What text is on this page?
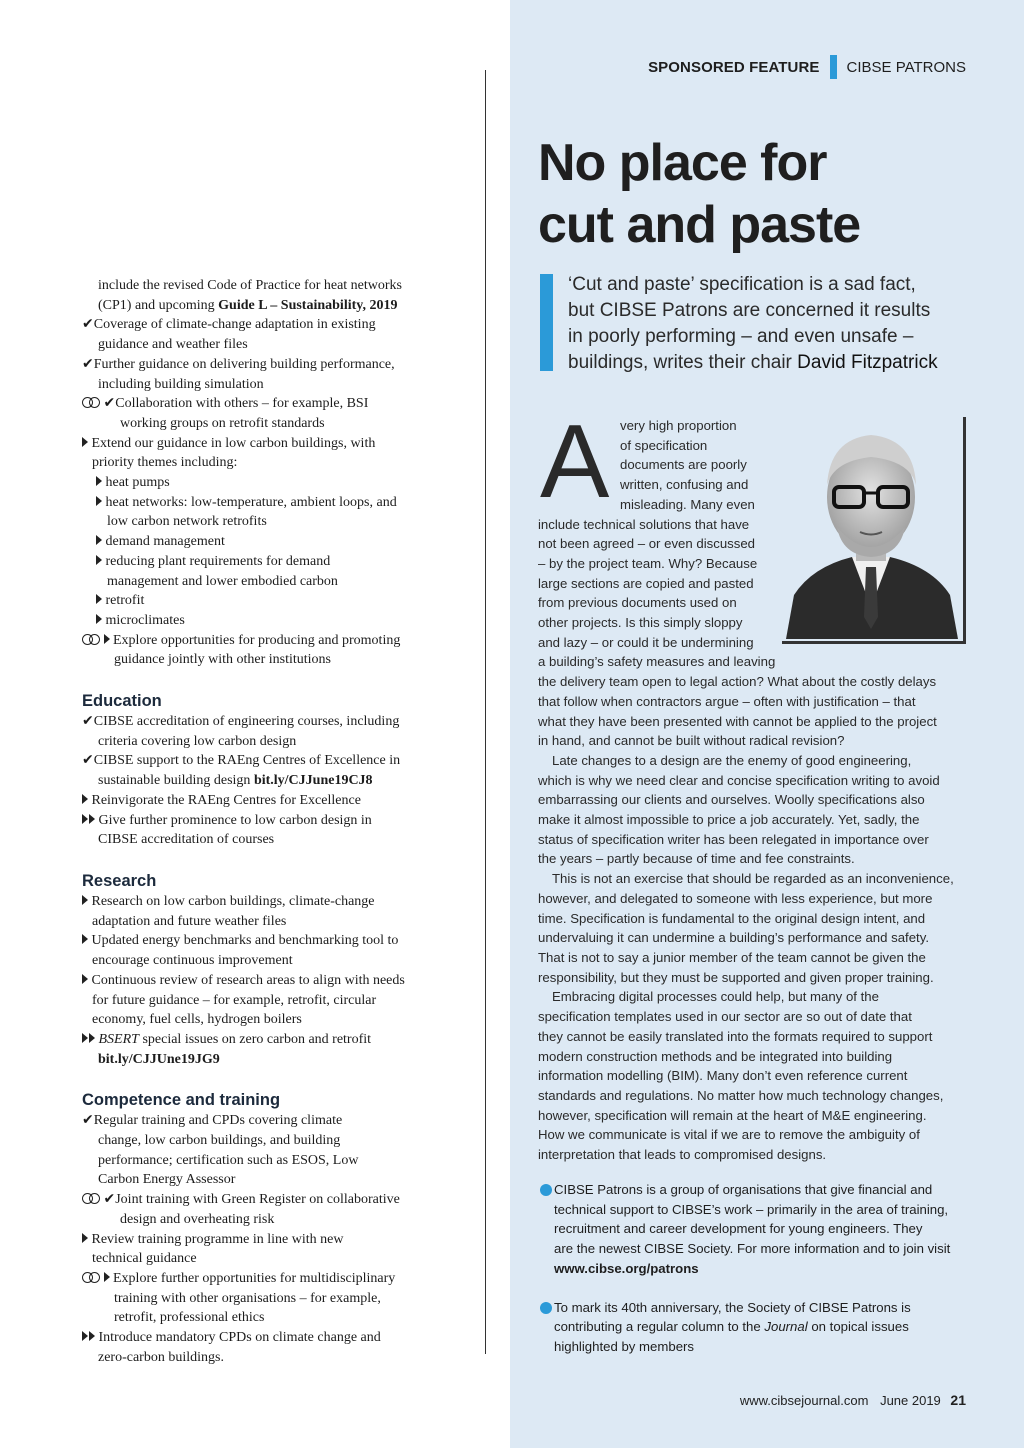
SPONSORED FEATURE CIBSE PATRONS
No place for
cut and paste
‘Cut and paste’ specification is a sad fact,
but CIBSE Patrons are concerned it results
in poorly performing – and even unsafe –
buildings, writes their chair David Fitzpatrick
include the revised Code of Practice for heat networks
(CP1) and upcoming Guide L – Sustainability, 2019
✔Coverage of climate-change adaptation in existing
guidance and weather files
✔Further guidance on delivering building performance,
including building simulation
✔Collaboration with others – for example, BSI
working groups on retrofit standards
Extend our guidance in low carbon buildings, with
priority themes including:
heat pumps
heat networks: low-temperature, ambient loops, and
low carbon network retrofits
demand management
reducing plant requirements for demand
management and lower embodied carbon
retrofit
microclimates
Explore opportunities for producing and promoting
guidance jointly with other institutions
Education
✔CIBSE accreditation of engineering courses, including
criteria covering low carbon design
✔CIBSE support to the RAEng Centres of Excellence in
sustainable building design bit.ly/CJJune19CJ8
Reinvigorate the RAEng Centres for Excellence
Give further prominence to low carbon design in
CIBSE accreditation of courses
Research
Research on low carbon buildings, climate-change
adaptation and future weather files
Updated energy benchmarks and benchmarking tool to
encourage continuous improvement
Continuous review of research areas to align with needs
for future guidance – for example, retrofit, circular
economy, fuel cells, hydrogen boilers
BSERT special issues on zero carbon and retrofit
bit.ly/CJJUne19JG9
Competence and training
✔Regular training and CPDs covering climate
change, low carbon buildings, and building
performance; certification such as ESOS, Low
Carbon Energy Assessor
✔Joint training with Green Register on collaborative
design and overheating risk
Review training programme in line with new
technical guidance
Explore further opportunities for multidisciplinary
training with other organisations – for example,
retrofit, professional ethics
Introduce mandatory CPDs on climate change and
zero-carbon buildings.
A very high proportion
of specification
documents are poorly
written, confusing and
misleading. Many even
include technical solutions that have
not been agreed – or even discussed
– by the project team. Why? Because
large sections are copied and pasted
from previous documents used on
other projects. Is this simply sloppy
and lazy – or could it be undermining
a building’s safety measures and leaving
the delivery team open to legal action? What about the costly delays
that follow when contractors argue – often with justification – that
what they have been presented with cannot be applied to the project
in hand, and cannot be built without radical revision?
Late changes to a design are the enemy of good engineering,
which is why we need clear and concise specification writing to avoid
embarrassing our clients and ourselves. Woolly specifications also
make it almost impossible to price a job accurately. Yet, sadly, the
status of specification writer has been relegated in importance over
the years – partly because of time and fee constraints.
This is not an exercise that should be regarded as an inconvenience,
however, and delegated to someone with less experience, but more
time. Specification is fundamental to the original design intent, and
undervaluing it can undermine a building’s performance and safety.
That is not to say a junior member of the team cannot be given the
responsibility, but they must be supported and given proper training.
Embracing digital processes could help, but many of the
specification templates used in our sector are so out of date that
they cannot be easily translated into the formats required to support
modern construction methods and be integrated into building
information modelling (BIM). Many don’t even reference current
standards and regulations. No matter how much technology changes,
however, specification will remain at the heart of M&E engineering.
How we communicate is vital if we are to remove the ambiguity of
interpretation that leads to compromised designs.
CIBSE Patrons is a group of organisations that give financial and
technical support to CIBSE’s work – primarily in the area of training,
recruitment and career development for young engineers. They
are the newest CIBSE Society. For more information and to join visit
www.cibse.org/patrons
To mark its 40th anniversary, the Society of CIBSE Patrons is
contributing a regular column to the Journal on topical issues
highlighted by members
www.cibsejournal.com June 2019 21
